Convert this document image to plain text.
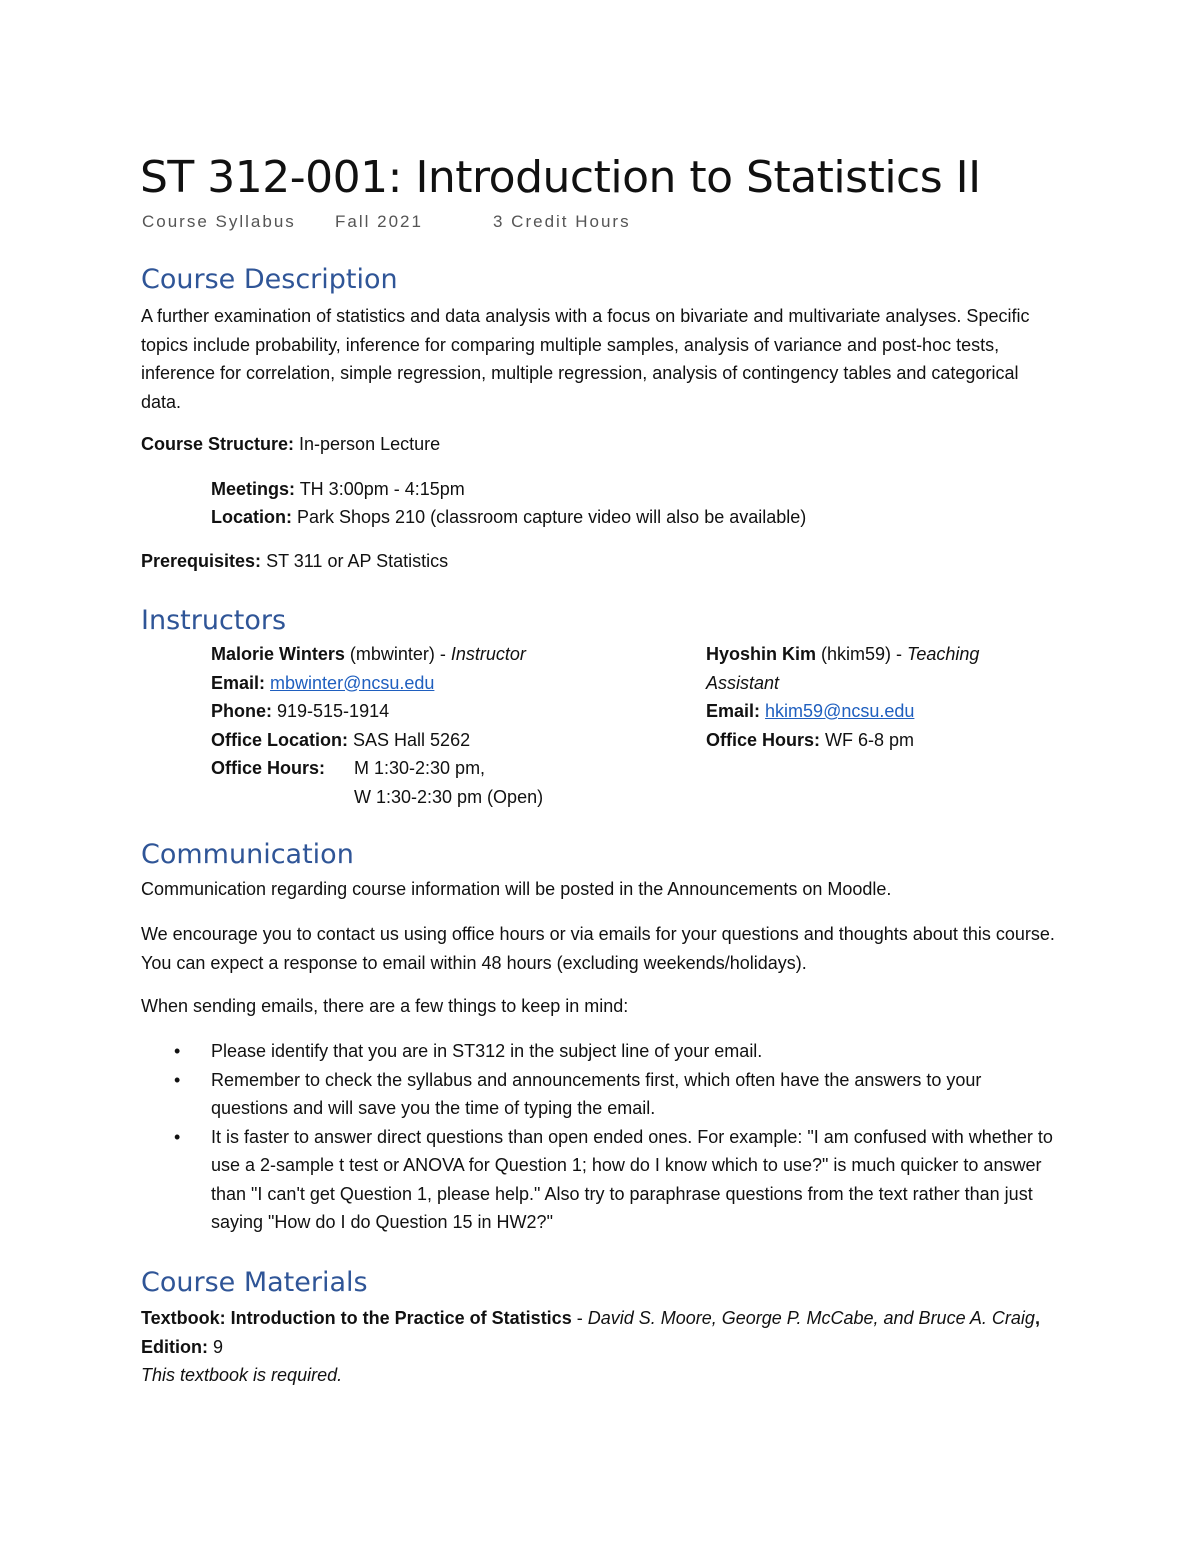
ST 312-001: Introduction to Statistics II
Course Syllabus Fall 2021	3 Credit Hours
Course Description
A further examination of statistics and data analysis with a focus on bivariate and multivariate analyses. Specific topics include probability, inference for comparing multiple samples, analysis of variance and post-hoc tests, inference for correlation, simple regression, multiple regression, analysis of contingency tables and categorical data.
Course Structure: In-person Lecture
Meetings: TH 3:00pm - 4:15pm
Location: Park Shops 210 (classroom capture video will also be available)
Prerequisites: ST 311 or AP Statistics
Instructors
Malorie Winters (mbwinter) - Instructor
Email: mbwinter@ncsu.edu
Phone: 919-515-1914
Office Location: SAS Hall 5262
Office Hours: M 1:30-2:30 pm,
W 1:30-2:30 pm (Open)
Hyoshin Kim (hkim59) - Teaching
Assistant
Email: hkim59@ncsu.edu
Office Hours: WF 6-8 pm
Communication
Communication regarding course information will be posted in the Announcements on Moodle.
We encourage you to contact us using office hours or via emails for your questions and thoughts about this course. You can expect a response to email within 48 hours (excluding weekends/holidays).
When sending emails, there are a few things to keep in mind:
• Please identify that you are in ST312 in the subject line of your email.
• Remember to check the syllabus and announcements first, which often have the answers to your questions and will save you the time of typing the email.
• It is faster to answer direct questions than open ended ones. For example: "I am confused with whether to use a 2-sample t test or ANOVA for Question 1; how do I know which to use?" is much quicker to answer than "I can't get Question 1, please help." Also try to paraphrase questions from the text rather than just saying "How do I do Question 15 in HW2?"
Course Materials
Textbook: Introduction to the Practice of Statistics - David S. Moore, George P. McCabe, and Bruce A. Craig, Edition: 9
This textbook is required.
